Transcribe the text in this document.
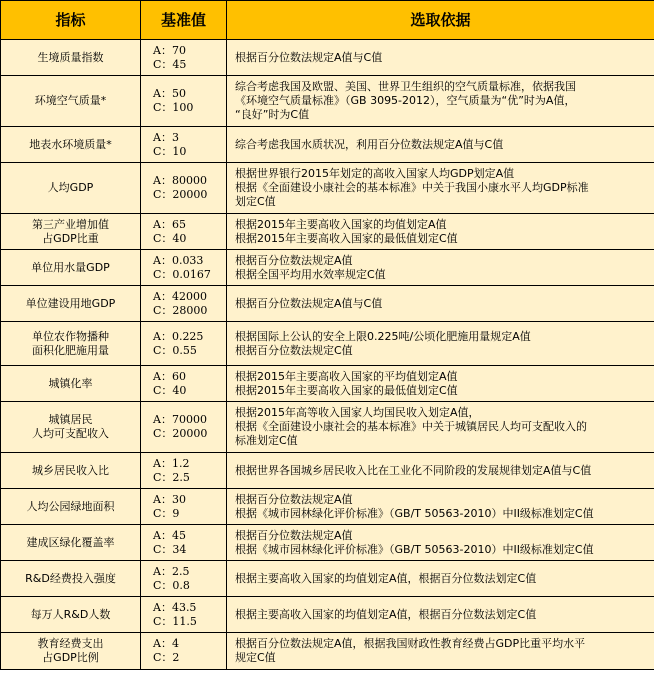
指标	基准值	选取依据

生境质量指数	A：70
C：45	根据百分位数法规定A值与C值

环境空气质量*	A：50
C：100	综合考虑我国及欧盟、美国、世界卫生组织的空气质量标准，依据我国
《环境空气质量标准》（GB 3095-2012），空气质量为“优”时为A值，
“良好”时为C值

地表水环境质量*	A：3
C：10	综合考虑我国水质状况，利用百分位数法规定A值与C值

人均GDP	A：80000
C：20000	根据世界银行2015年划定的高收入国家人均GDP划定A值
根据《全面建设小康社会的基本标准》中关于我国小康水平人均GDP标准
划定C值

第三产业增加值
占GDP比重	A：65
C：40	根据2015年主要高收入国家的均值划定A值
根据2015年主要高收入国家的最低值划定C值

单位用水量GDP	A：0.033
C：0.0167	根据百分位数法规定A值
根据全国平均用水效率规定C值

单位建设用地GDP	A：42000
C：28000	根据百分位数法规定A值与C值

单位农作物播种
面积化肥施用量	A：0.225
C：0.55	根据国际上公认的安全上限0.225吨/公顷化肥施用量规定A值
根据百分位数法规定C值

城镇化率	A：60
C：40	根据2015年主要高收入国家的平均值划定A值
根据2015年主要高收入国家的最低值划定C值

城镇居民
人均可支配收入	A：70000
C：20000	根据2015年高等收入国家人均国民收入划定A值，
根据《全面建设小康社会的基本标准》中关于城镇居民人均可支配收入的
标准划定C值

城乡居民收入比	A：1.2
C：2.5	根据世界各国城乡居民收入比在工业化不同阶段的发展规律划定A值与C值

人均公园绿地面积	A：30
C：9	根据百分位数法规定A值
根据《城市园林绿化评价标准》（GB/T 50563-2010）中II级标准划定C值

建成区绿化覆盖率	A：45
C：34	根据百分位数法规定A值
根据《城市园林绿化评价标准》（GB/T 50563-2010）中II级标准划定C值

R&D经费投入强度	A：2.5
C：0.8	根据主要高收入国家的均值划定A值，根据百分位数法划定C值

每万人R&D人数	A：43.5
C：11.5	根据主要高收入国家的均值划定A值，根据百分位数法划定C值

教育经费支出
占GDP比例	A：4
C：2	根据百分位数法规定A值，根据我国财政性教育经费占GDP比重平均水平
规定C值
